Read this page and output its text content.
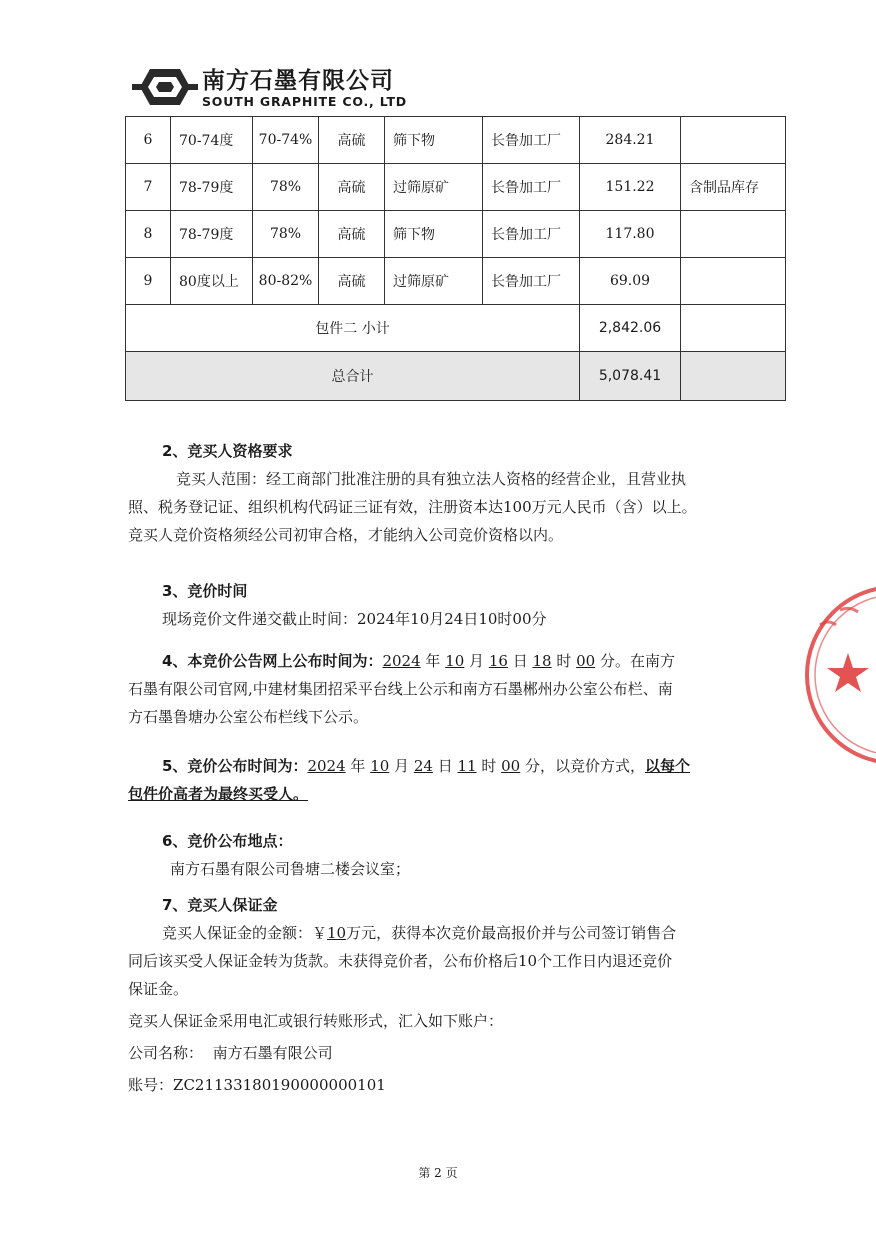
南方石墨有限公司
SOUTH GRAPHITE CO., LTD
6	70-74度	70-74%	高硫	筛下物	长鲁加工厂	284.21	
7	78-79度	78%	高硫	过筛原矿	长鲁加工厂	151.22	含制品库存
8	78-79度	78%	高硫	筛下物	长鲁加工厂	117.80	
9	80度以上	80-82%	高硫	过筛原矿	长鲁加工厂	69.09	
包件二 小计						2,842.06	
总合计						5,078.41	

2、竞买人资格要求

竞买人范围：经工商部门批准注册的具有独立法人资格的经营企业，且营业执

照、税务登记证、组织机构代码证三证有效，注册资本达100万元人民币（含）以上。

竞买人竞价资格须经公司初审合格，才能纳入公司竞价资格以内。

3、竞价时间

现场竞价文件递交截止时间：2024年10月24日10时00分

4、本竞价公告网上公布时间为：2024 年 10 月 16 日 18 时 00 分。在南方

石墨有限公司官网,中建材集团招采平台线上公示和南方石墨郴州办公室公布栏、南

方石墨鲁塘办公室公布栏线下公示。

5、竞价公布时间为：2024 年 10 月 24 日 11 时 00 分，以竞价方式，以每个

包件价高者为最终买受人。

6、竞价公布地点：

南方石墨有限公司鲁塘二楼会议室；

7、竞买人保证金

竞买人保证金的金额：￥10万元，获得本次竞价最高报价并与公司签订销售合

同后该买受人保证金转为货款。未获得竞价者，公布价格后10个工作日内退还竞价

保证金。

竞买人保证金采用电汇或银行转账形式，汇入如下账户：

公司名称： 南方石墨有限公司

账号：ZC21133180190000000101

第 2 页
